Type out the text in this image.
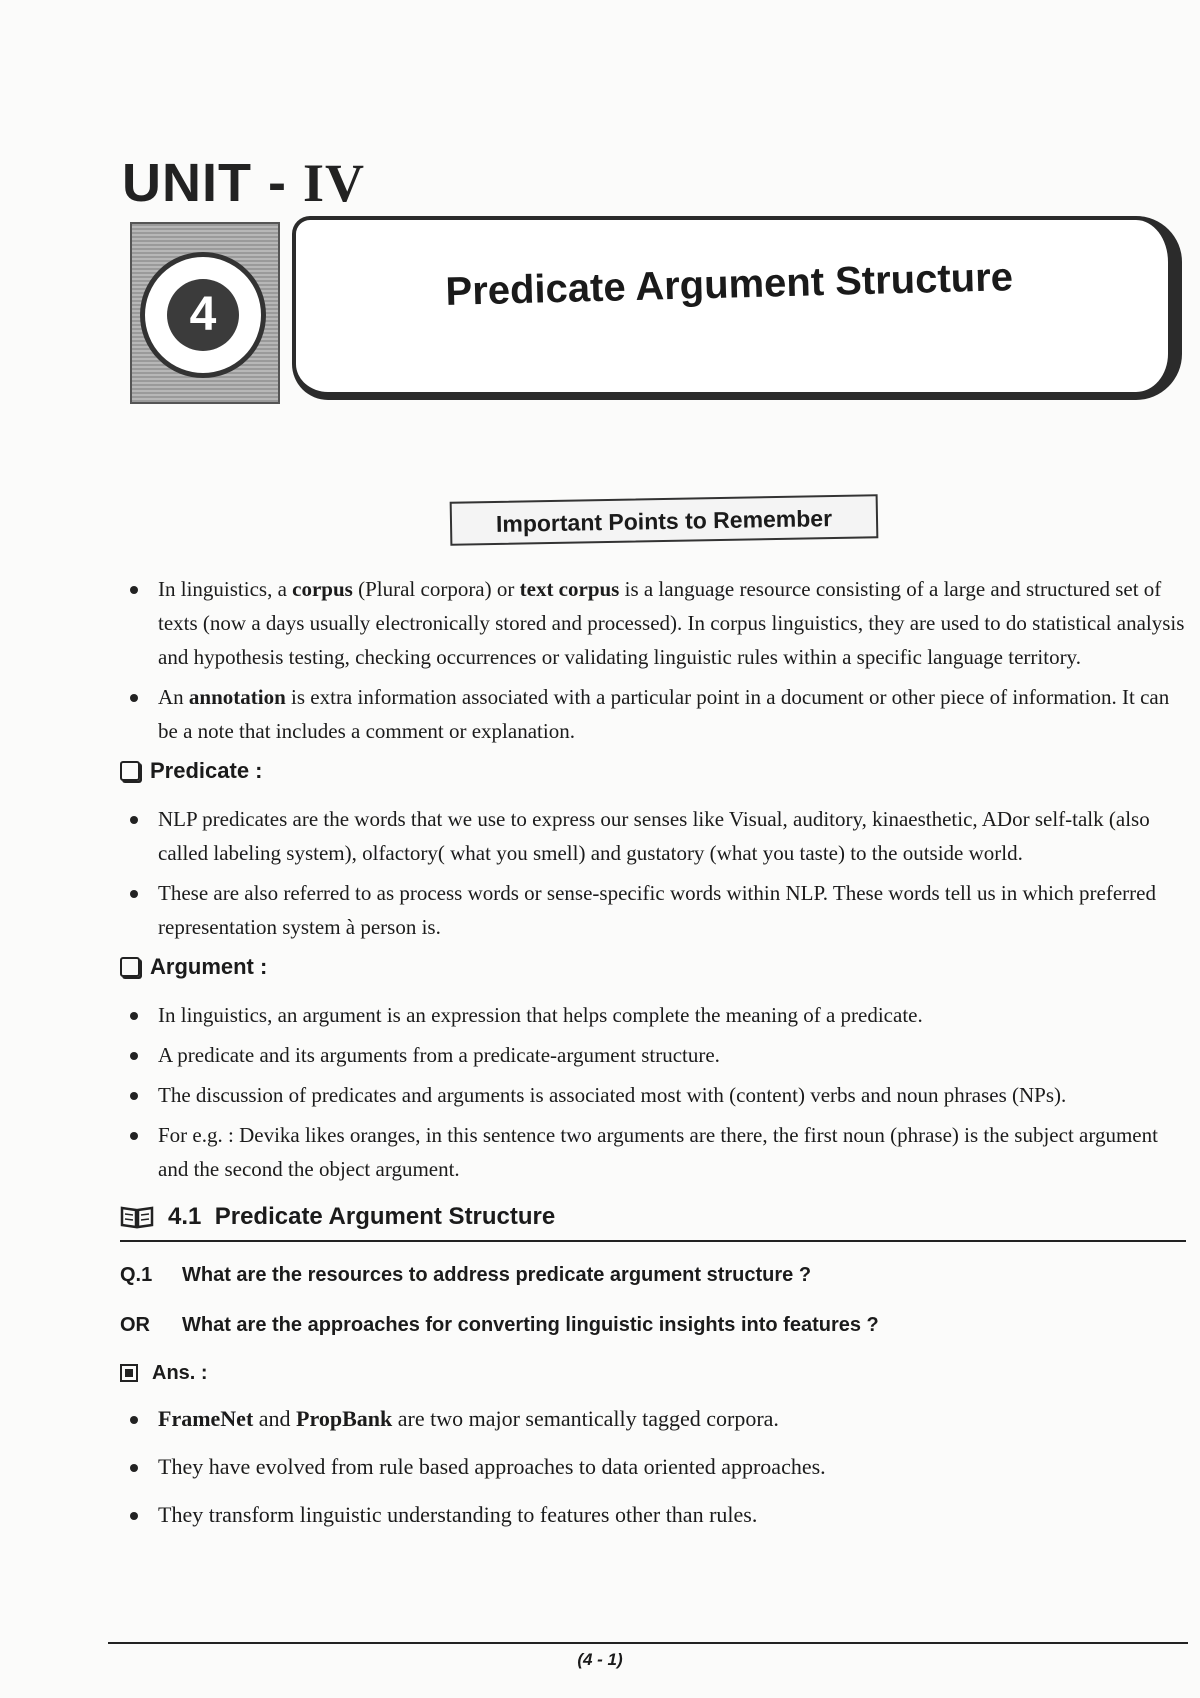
UNIT - IV
4
Predicate Argument Structure
Important Points to Remember
In linguistics, a corpus (Plural corpora) or text corpus is a language resource consisting of a large and structured set of texts (now a days usually electronically stored and processed). In corpus linguistics, they are used to do statistical analysis and hypothesis testing, checking occurrences or validating linguistic rules within a specific language territory.
An annotation is extra information associated with a particular point in a document or other piece of information. It can be a note that includes a comment or explanation.
Predicate :
NLP predicates are the words that we use to express our senses like Visual, auditory, kinaesthetic, ADor self-talk (also called labeling system), olfactory( what you smell) and gustatory (what you taste) to the outside world.
These are also referred to as process words or sense-specific words within NLP. These words tell us in which preferred representation system à person is.
Argument :
In linguistics, an argument is an expression that helps complete the meaning of a predicate.
A predicate and its arguments from a predicate-argument structure.
The discussion of predicates and arguments is associated most with (content) verbs and noun phrases (NPs).
For e.g. : Devika likes oranges, in this sentence two arguments are there, the first noun (phrase) is the subject argument and the second the object argument.
4.1
Predicate Argument Structure
Q.1	What are the resources to address predicate argument structure ?
OR	What are the approaches for converting linguistic insights into features ?
Ans. :
FrameNet and PropBank are two major semantically tagged corpora.
They have evolved from rule based approaches to data oriented approaches.
They transform linguistic understanding to features other than rules.
(4 - 1)
